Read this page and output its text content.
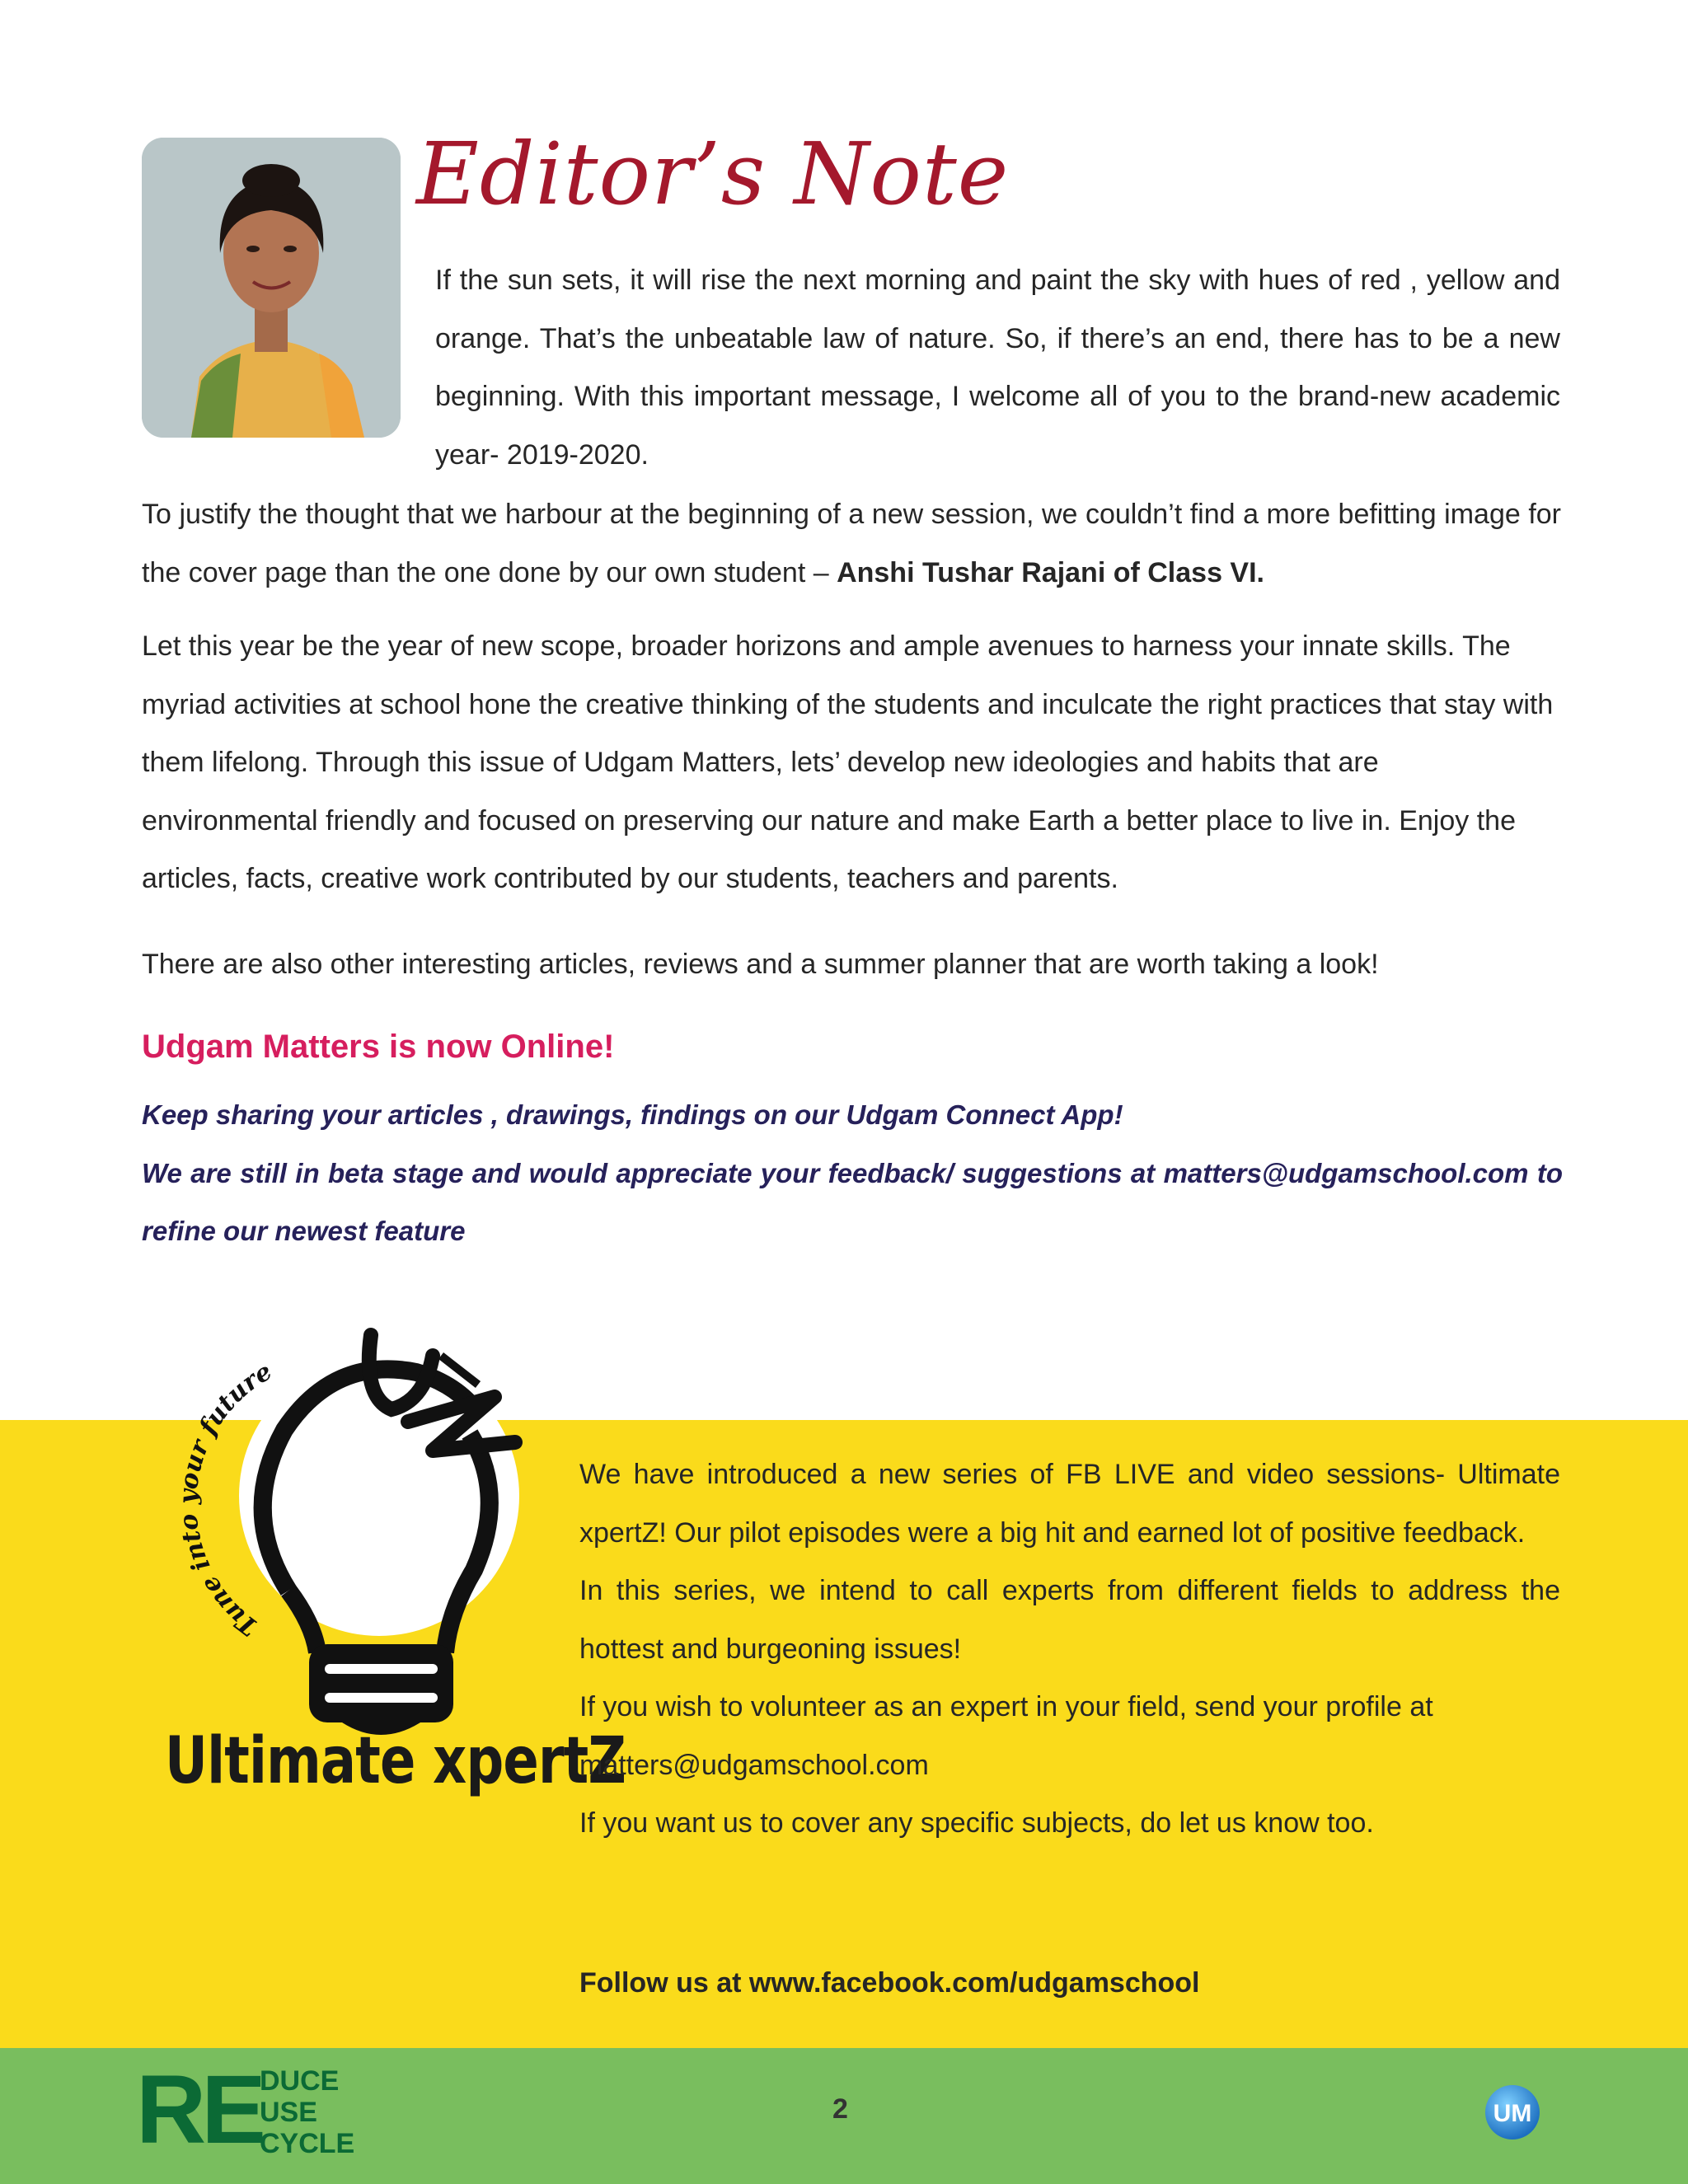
Editor’s Note

If the sun sets, it will rise the next morning and paint the sky with hues of red , yellow and orange. That’s the unbeatable law of nature. So, if there’s an end, there has to be a new beginning. With this important message, I welcome all of you to the brand-new academic year- 2019-2020.

To justify the thought that we harbour at the beginning of a new session, we couldn’t find a more befitting image for the cover page than the one done by our own student – Anshi Tushar Rajani of Class VI.

Let this year be the year of new scope, broader horizons and ample avenues to harness your innate skills. The myriad activities at school hone the creative thinking of the students and inculcate the right practices that stay with them lifelong. Through this issue of Udgam Matters, lets’ develop new ideologies and habits that are environmental friendly and focused on preserving our nature and make Earth a better place to live in. Enjoy the articles, facts, creative work contributed by our students, teachers and parents.

There are also other interesting articles, reviews and a summer planner that are worth taking a look!

Udgam Matters is now Online!

Keep sharing your articles , drawings, findings on our Udgam Connect App!
We are still in beta stage and would appreciate your feedback/ suggestions at matters@udgamschool.com to refine our newest feature

Tune into your future
Ultimate xpertZ

We have introduced a new series of FB LIVE and video sessions- Ultimate xpertZ! Our pilot episodes were a big hit and earned lot of positive feedback.

In this series, we intend to call experts from different fields to address the hottest and burgeoning issues!

If you wish to volunteer as an expert in your field, send your profile at

matters@udgamschool.com

If you want us to cover any specific subjects, do let us know too.

Follow us at www.facebook.com/udgamschool

RE
DUCE
USE
CYCLE
2	UM
